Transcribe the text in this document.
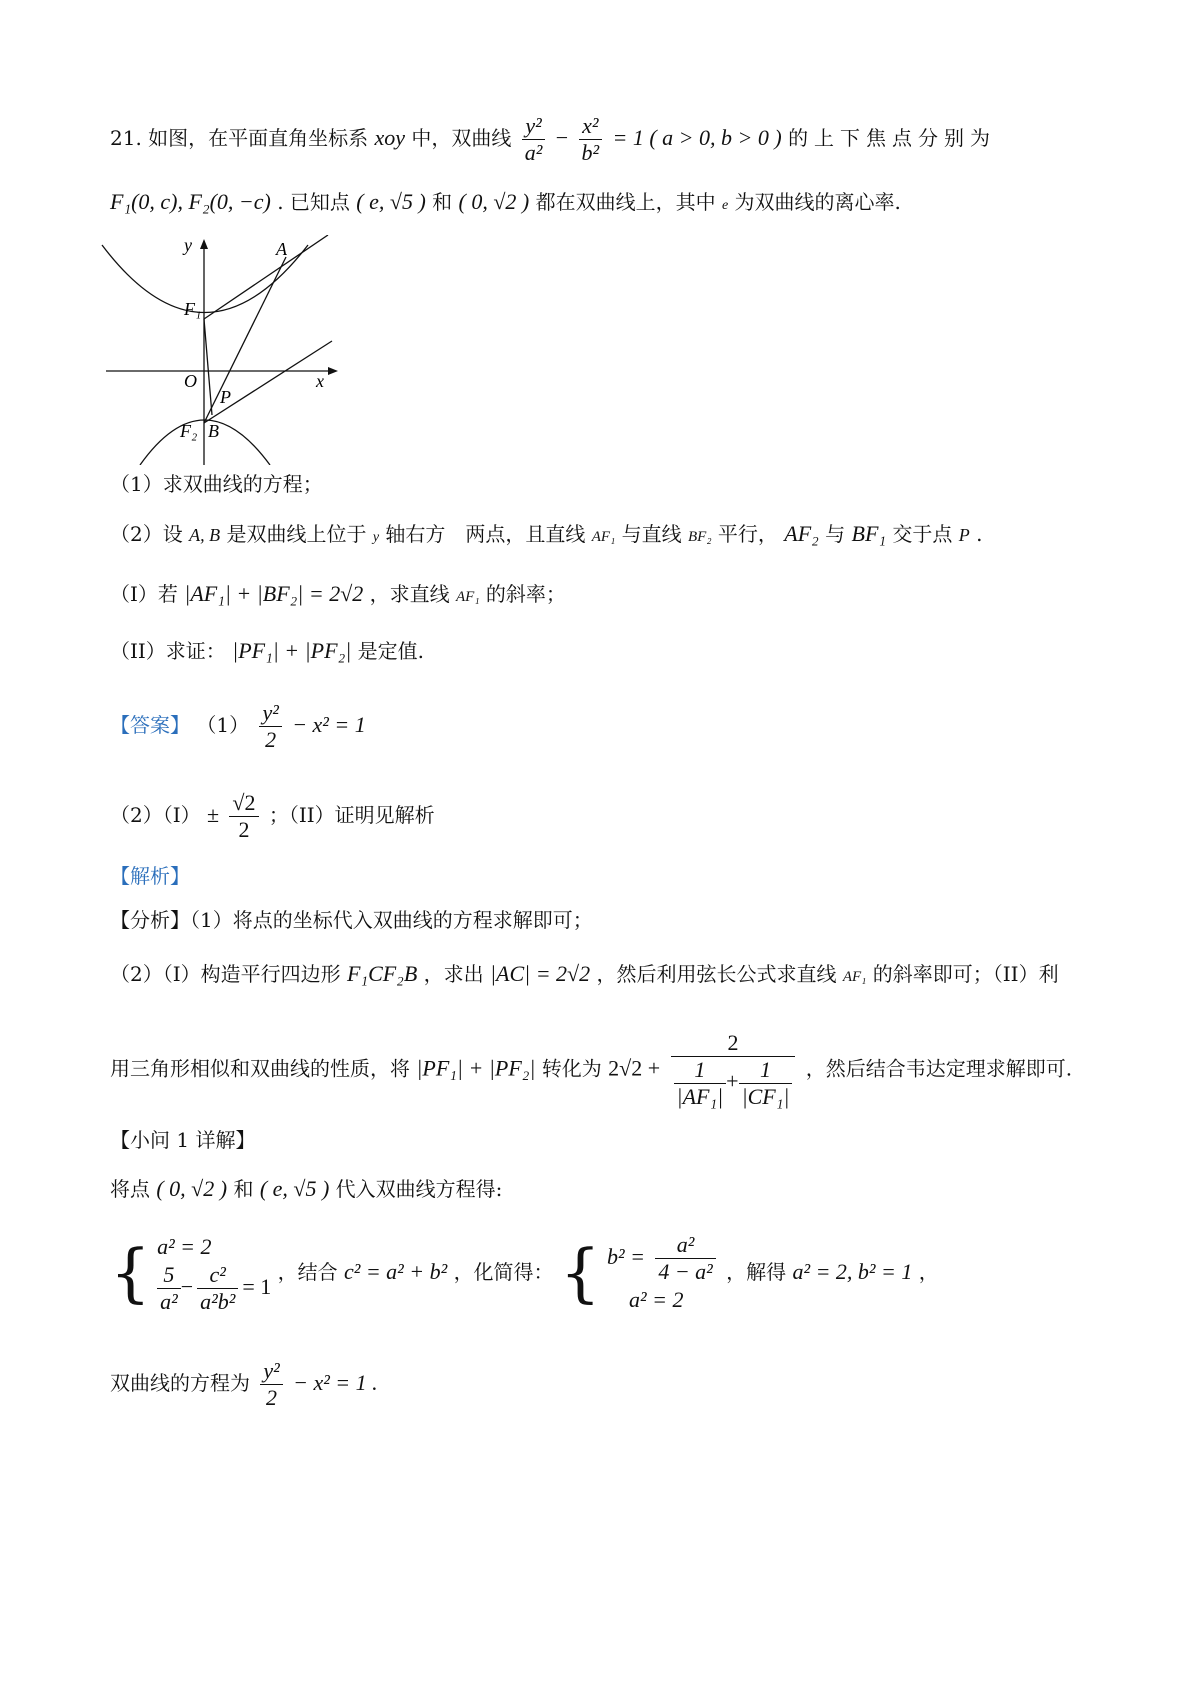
21. 如图，在平面直角坐标系 xoy 中，双曲线 $\frac{\text{y²}}{\text{a²}} - \frac{\text{x²}}{\text{b²}} = 1$ ( a > 0, b > 0 ) 的上下焦点分别为
F₁(0, c), F₂(0, −c) . 已知点 ( e, √5 ) 和 ( 0, √2 ) 都在双曲线上，其中 e 为双曲线的离心率.
y
x
O
A
F₁
F₂
P
B
（1）求双曲线的方程；
（2）设 A, B 是双曲线上位于 y 轴右方　两点，且直线 AF₁ 与直线 BF₂ 平行， AF₂ 与 BF₁ 交于点 P .
（I）若 |AF₁| + |BF₂| = 2√2 ，求直线 AF₁ 的斜率；
（II）求证： |PF₁| + |PF₂| 是定值.
【答案】 $(1) \frac{\text{y²}}{2} - x^2 = 1$
$(2)(I) \pm \frac{√2}{2}$ ；（II）证明见解析
【解析】
【分析】（1）将点的坐标代入双曲线的方程求解即可；
（2）（I）构造平行四边形 F₁CF₂B ，求出 |AC| = 2√2 ，然后利用弦长公式求直线 AF₁ 的斜率即可；（II）利
用三角形相似和双曲线的性质，将 |PF₁| + |PF₂| 转化为 $2√2 + \frac{2}{\frac{1}{\text{|AF₁|}} + \frac{1}{\text{|CF₁|}}}$ ，然后结合韦达定理求解即可.
【小问 1 详解】
将点 ( 0, √2 ) 和 ( e, √5 ) 代入双曲线方程得:
{ a² = 2
$\frac{5}{\text{a²}} - \frac{\text{c²}}{\text{a²b²}} = 1$
，结合 c² = a² + b² ，化简得： { $b^2 = \frac{\text{a²}}{\text{4 − a²}}$
a² = 2
，解得 a² = 2, b² = 1 ，
双曲线的方程为 $\frac{\text{y²}}{2} - x^2 = 1$ .
